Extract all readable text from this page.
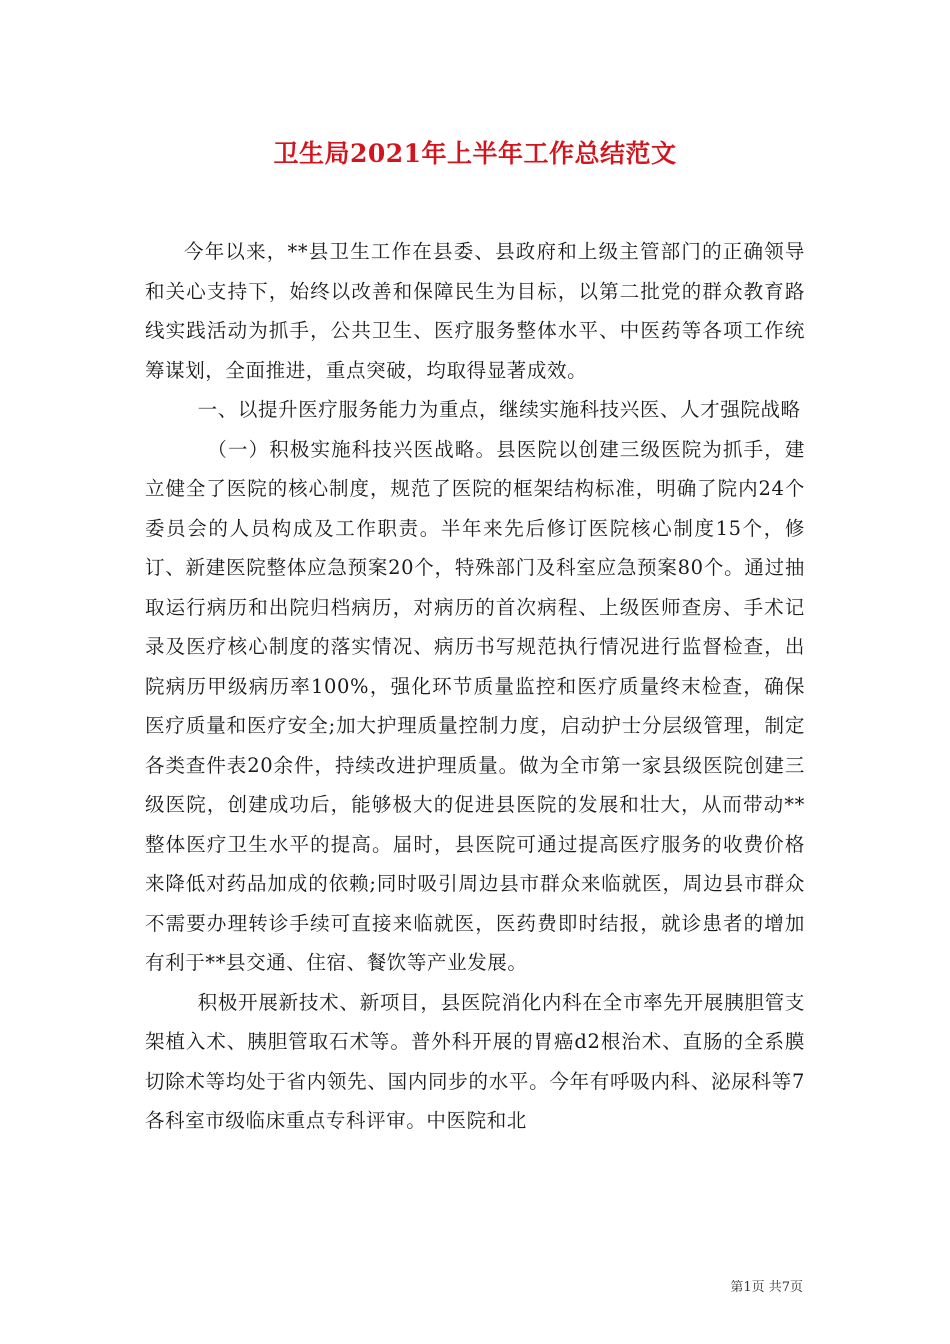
卫生局2021年上半年工作总结范文

今年以来，**县卫生工作在县委、县政府和上级主管部门的正确领导和关心支持下，始终以改善和保障民生为目标，以第二批党的群众教育路线实践活动为抓手，公共卫生、医疗服务整体水平、中医药等各项工作统筹谋划，全面推进，重点突破，均取得显著成效。

一、以提升医疗服务能力为重点，继续实施科技兴医、人才强院战略

（一）积极实施科技兴医战略。县医院以创建三级医院为抓手，建立健全了医院的核心制度，规范了医院的框架结构标准，明确了院内24个委员会的人员构成及工作职责。半年来先后修订医院核心制度15个，修订、新建医院整体应急预案20个，特殊部门及科室应急预案80个。通过抽取运行病历和出院归档病历，对病历的首次病程、上级医师查房、手术记录及医疗核心制度的落实情况、病历书写规范执行情况进行监督检查，出院病历甲级病历率100%，强化环节质量监控和医疗质量终末检查，确保医疗质量和医疗安全;加大护理质量控制力度，启动护士分层级管理，制定各类查件表20余件，持续改进护理质量。做为全市第一家县级医院创建三级医院，创建成功后，能够极大的促进县医院的发展和壮大，从而带动**整体医疗卫生水平的提高。届时，县医院可通过提高医疗服务的收费价格来降低对药品加成的依赖;同时吸引周边县市群众来临就医，周边县市群众不需要办理转诊手续可直接来临就医，医药费即时结报，就诊患者的增加有利于**县交通、住宿、餐饮等产业发展。

积极开展新技术、新项目，县医院消化内科在全市率先开展胰胆管支架植入术、胰胆管取石术等。普外科开展的胃癌d2根治术、直肠的全系膜切除术等均处于省内领先、国内同步的水平。今年有呼吸内科、泌尿科等7各科室市级临床重点专科评审。中医院和北

第1页 共7页
